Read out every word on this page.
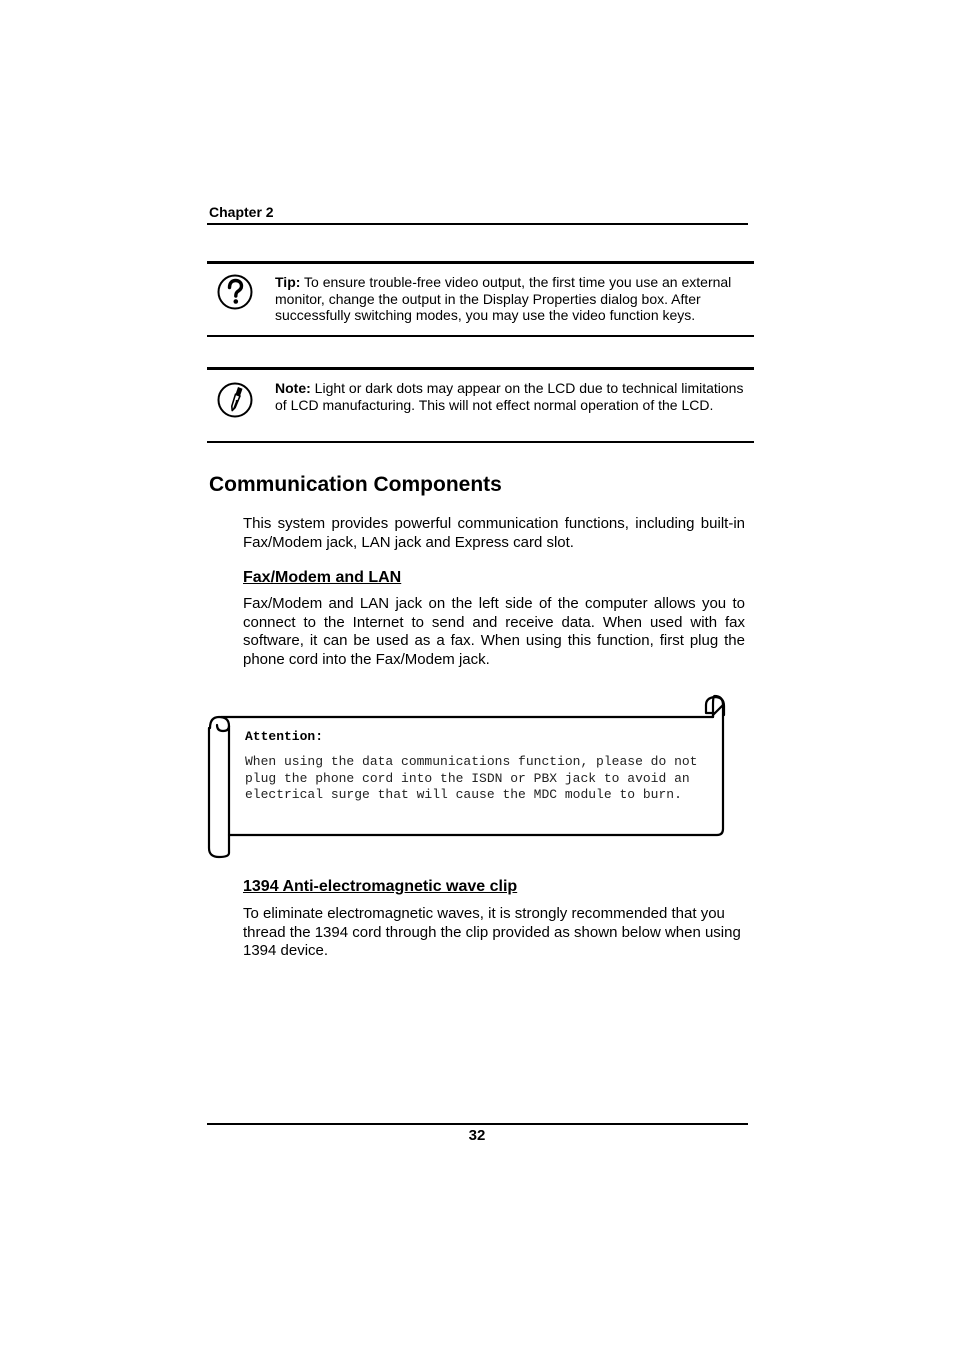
Chapter 2
Tip: To ensure trouble-free video output, the first time you use an external monitor, change the output in the Display Properties dialog box. After successfully switching modes, you may use the video function keys.
Note: Light or dark dots may appear on the LCD due to technical limitations of LCD manufacturing. This will not effect normal operation of the LCD.
Communication Components
This system provides powerful communication functions, including built-in Fax/Modem jack, LAN jack and Express card slot.
Fax/Modem and LAN
Fax/Modem and LAN jack on the left side of the computer allows you to connect to the Internet to send and receive data. When used with fax software, it can be used as a fax. When using this function, first plug the phone cord into the Fax/Modem jack.
Attention:
When using the data communications function, please do not plug the phone cord into the ISDN or PBX jack to avoid an electrical surge that will cause the MDC module to burn.
1394 Anti-electromagnetic wave clip
To eliminate electromagnetic waves, it is strongly recommended that you thread the 1394 cord through the clip provided as shown below when using 1394 device.
32
